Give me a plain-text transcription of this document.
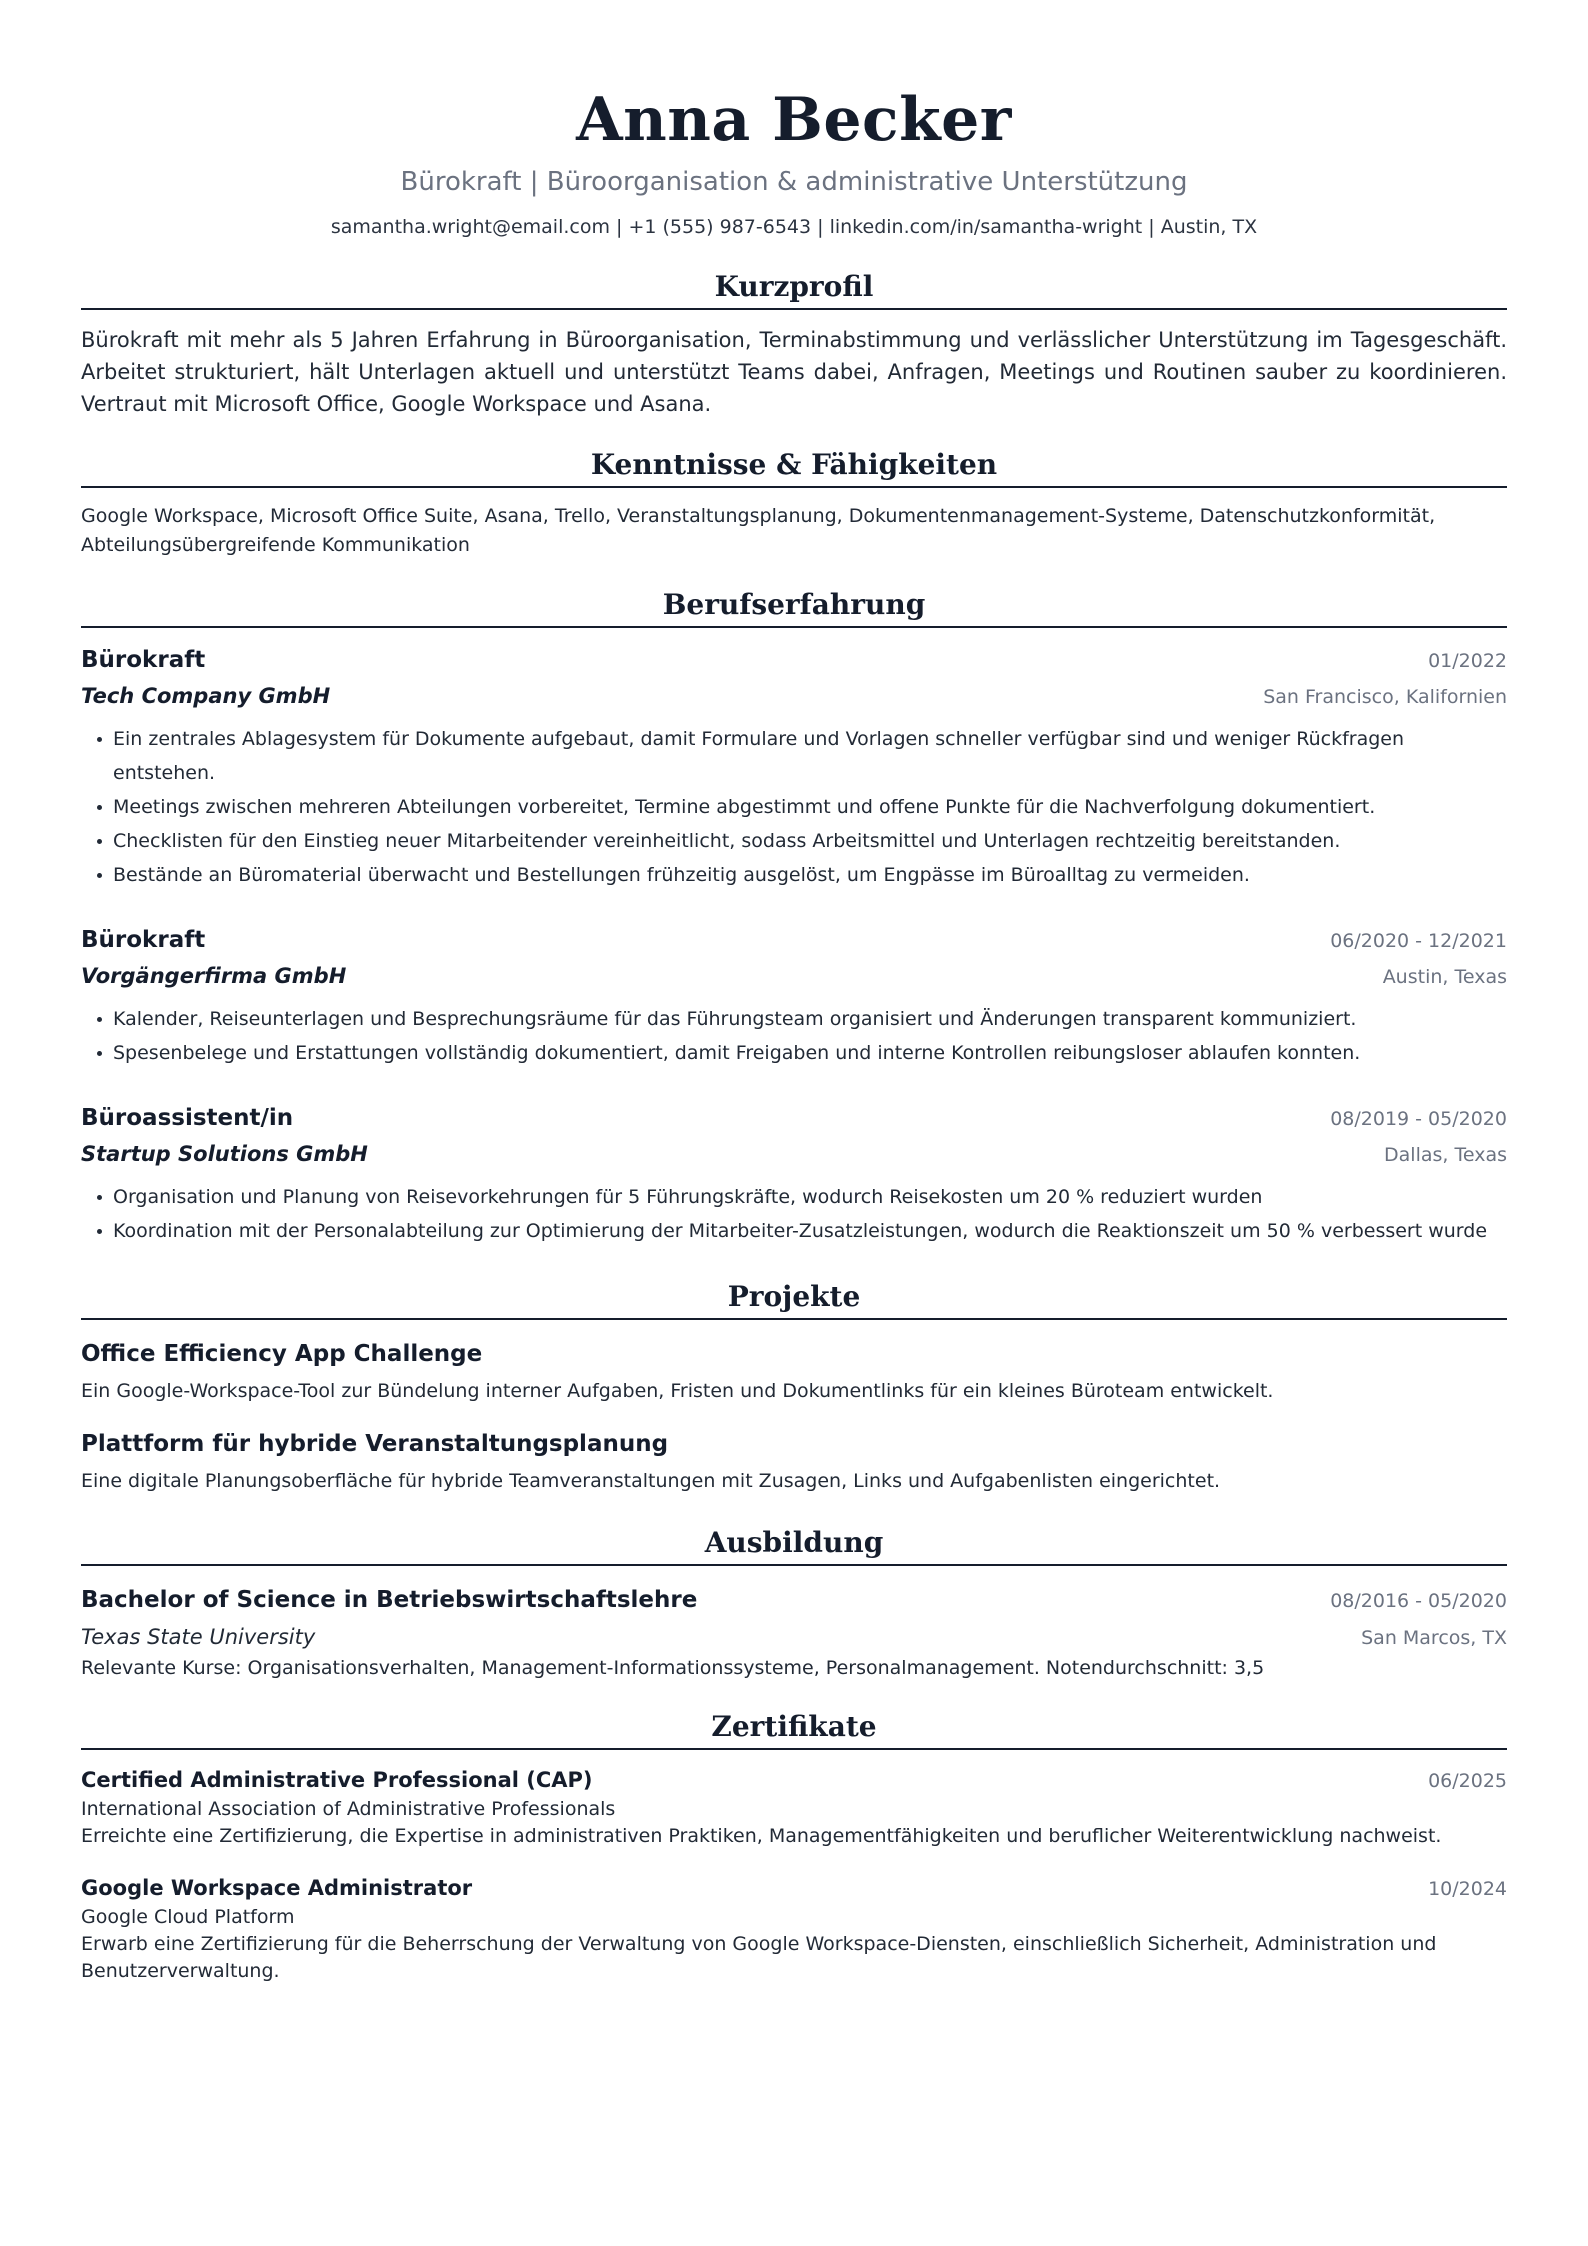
Anna Becker
Bürokraft | Büroorganisation & administrative Unterstützung
samantha.wright@email.com | +1 (555) 987-6543 | linkedin.com/in/samantha-wright | Austin, TX
Kurzprofil
Bürokraft mit mehr als 5 Jahren Erfahrung in Büroorganisation, Terminabstimmung und verlässlicher Unterstützung im Tagesgeschäft. Arbeitet strukturiert, hält Unterlagen aktuell und unterstützt Teams dabei, Anfragen, Meetings und Routinen sauber zu koordinieren. Vertraut mit Microsoft Office, Google Workspace und Asana.
Kenntnisse & Fähigkeiten
Google Workspace, Microsoft Office Suite, Asana, Trello, Veranstaltungsplanung, Dokumentenmanagement-Systeme, Datenschutzkonformität, Abteilungsübergreifende Kommunikation
Berufserfahrung
Bürokraft	01/2022
Tech Company GmbH	San Francisco, Kalifornien
Ein zentrales Ablagesystem für Dokumente aufgebaut, damit Formulare und Vorlagen schneller verfügbar sind und weniger Rückfragen entstehen.
Meetings zwischen mehreren Abteilungen vorbereitet, Termine abgestimmt und offene Punkte für die Nachverfolgung dokumentiert.
Checklisten für den Einstieg neuer Mitarbeitender vereinheitlicht, sodass Arbeitsmittel und Unterlagen rechtzeitig bereitstanden.
Bestände an Büromaterial überwacht und Bestellungen frühzeitig ausgelöst, um Engpässe im Büroalltag zu vermeiden.
Bürokraft	06/2020 - 12/2021
Vorgängerfirma GmbH	Austin, Texas
Kalender, Reiseunterlagen und Besprechungsräume für das Führungsteam organisiert und Änderungen transparent kommuniziert.
Spesenbelege und Erstattungen vollständig dokumentiert, damit Freigaben und interne Kontrollen reibungsloser ablaufen konnten.
Büroassistent/in	08/2019 - 05/2020
Startup Solutions GmbH	Dallas, Texas
Organisation und Planung von Reisevorkehrungen für 5 Führungskräfte, wodurch Reisekosten um 20 % reduziert wurden
Koordination mit der Personalabteilung zur Optimierung der Mitarbeiter-Zusatzleistungen, wodurch die Reaktionszeit um 50 % verbessert wurde
Projekte
Office Efficiency App Challenge
Ein Google-Workspace-Tool zur Bündelung interner Aufgaben, Fristen und Dokumentlinks für ein kleines Büroteam entwickelt.
Plattform für hybride Veranstaltungsplanung
Eine digitale Planungsoberfläche für hybride Teamveranstaltungen mit Zusagen, Links und Aufgabenlisten eingerichtet.
Ausbildung
Bachelor of Science in Betriebswirtschaftslehre	08/2016 - 05/2020
Texas State University	San Marcos, TX
Relevante Kurse: Organisationsverhalten, Management-Informationssysteme, Personalmanagement. Notendurchschnitt: 3,5
Zertifikate
Certified Administrative Professional (CAP)	06/2025
International Association of Administrative Professionals
Erreichte eine Zertifizierung, die Expertise in administrativen Praktiken, Managementfähigkeiten und beruflicher Weiterentwicklung nachweist.
Google Workspace Administrator	10/2024
Google Cloud Platform
Erwarb eine Zertifizierung für die Beherrschung der Verwaltung von Google Workspace-Diensten, einschließlich Sicherheit, Administration und Benutzerverwaltung.
